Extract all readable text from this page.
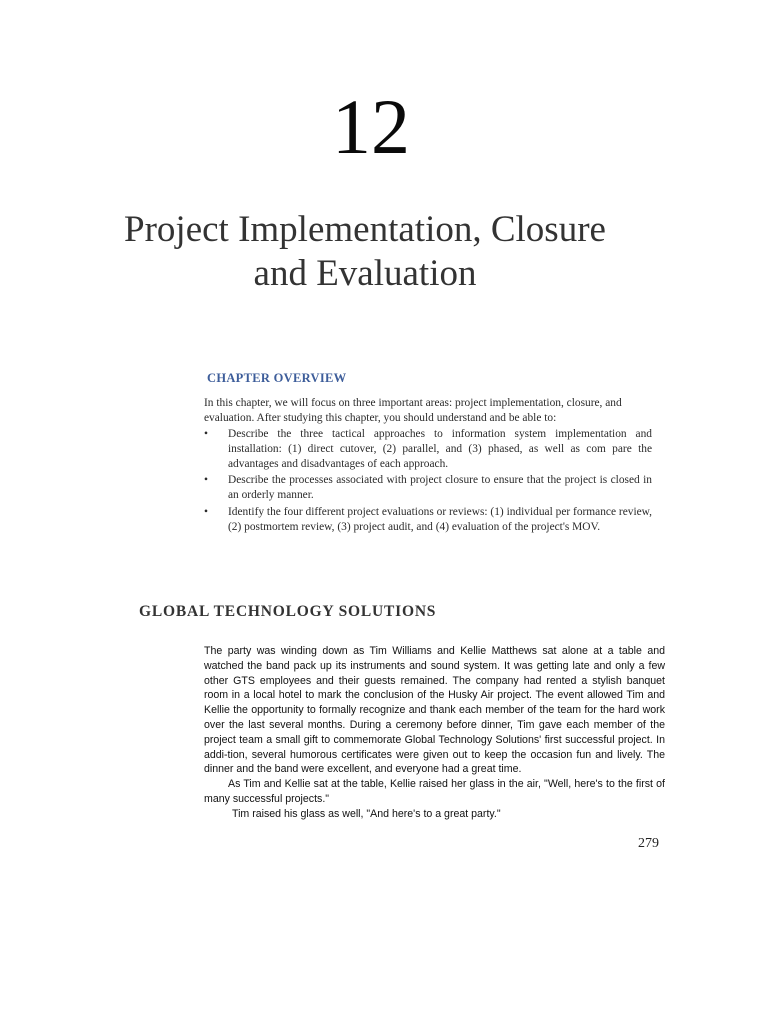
12
Project Implementation, Closure
and Evaluation
CHAPTER OVERVIEW
In this chapter, we will focus on three important areas: project implementation, closure, and evaluation. After studying this chapter, you should understand and be able to:
• Describe the three tactical approaches to information system implementation and installation: (1) direct cutover, (2) parallel, and (3) phased, as well as com pare the advantages and disadvantages of each approach.
• Describe the processes associated with project closure to ensure that the project is closed in an orderly manner.
• Identify the four different project evaluations or reviews: (1) individual per formance review, (2) postmortem review, (3) project audit, and (4) evaluation of the project's MOV.
GLOBAL TECHNOLOGY SOLUTIONS

The party was winding down as Tim Williams and Kellie Matthews sat alone at a table and watched the band pack up its instruments and sound system. It was getting late and only a few other GTS employees and their guests remained. The company had rented a stylish banquet room in a local hotel to mark the conclusion of the Husky Air project. The event allowed Tim and Kellie the opportunity to formally recognize and thank each member of the team for the hard work over the last several months. During a ceremony before dinner, Tim gave each member of the project team a small gift to commemorate Global Technology Solutions' first successful project. In addi-tion, several humorous certificates were given out to keep the occasion fun and lively. The dinner and the band were excellent, and everyone had a great time.

As Tim and Kellie sat at the table, Kellie raised her glass in the air, "Well, here's to the first of many successful projects."

Tim raised his glass as well, "And here's to a great party."

279
